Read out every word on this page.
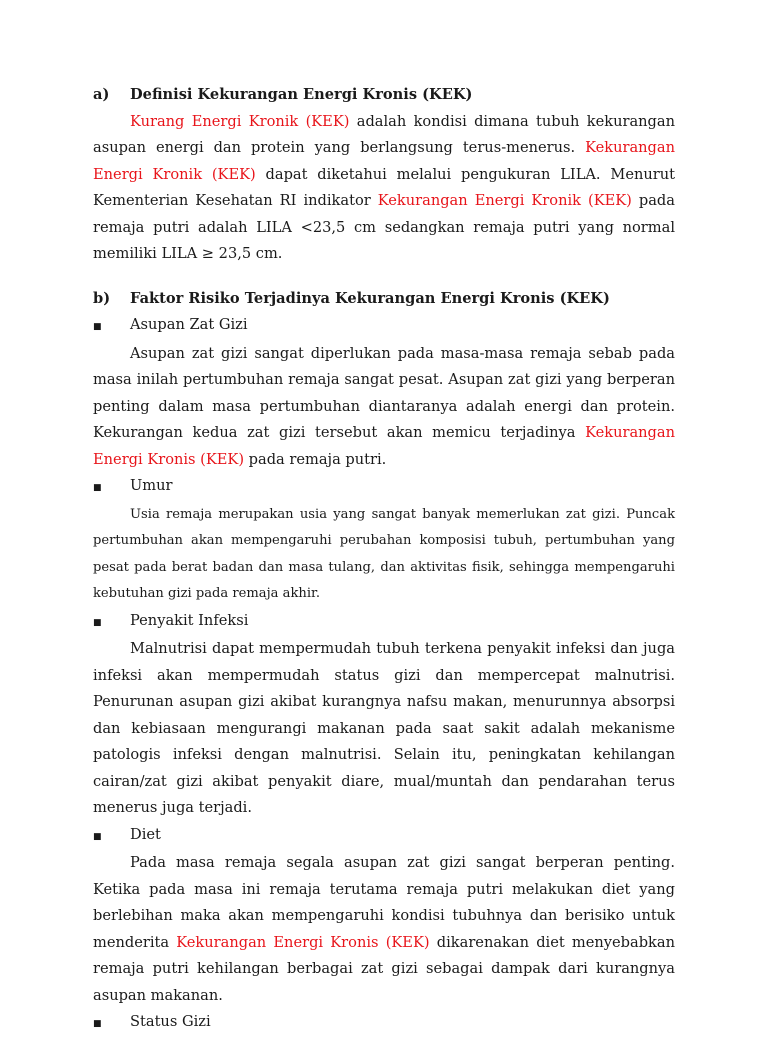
a)	Definisi Kekurangan Energi Kronis (KEK)

Kurang Energi Kronik (KEK) adalah kondisi dimana tubuh kekurangan asupan energi dan protein yang berlangsung terus-menerus. Kekurangan Energi Kronik (KEK) dapat diketahui melalui pengukuran LILA. Menurut Kementerian Kesehatan RI indikator Kekurangan Energi Kronik (KEK) pada remaja putri adalah LILA <23,5 cm sedangkan remaja putri yang normal memiliki LILA ≥ 23,5 cm.

b)	Faktor Risiko Terjadinya Kekurangan Energi Kronis (KEK)
■	Asupan Zat Gizi

Asupan zat gizi sangat diperlukan pada masa-masa remaja sebab pada masa inilah pertumbuhan remaja sangat pesat. Asupan zat gizi yang berperan penting dalam masa pertumbuhan diantaranya adalah energi dan protein. Kekurangan kedua zat gizi tersebut akan memicu terjadinya Kekurangan Energi Kronis (KEK) pada remaja putri.

■	Umur

Usia remaja merupakan usia yang sangat banyak memerlukan zat gizi. Puncak pertumbuhan akan mempengaruhi perubahan komposisi tubuh, pertumbuhan yang pesat pada berat badan dan masa tulang, dan aktivitas fisik, sehingga mempengaruhi kebutuhan gizi pada remaja akhir.

■	Penyakit Infeksi

Malnutrisi dapat mempermudah tubuh terkena penyakit infeksi dan juga infeksi akan mempermudah status gizi dan mempercepat malnutrisi. Penurunan asupan gizi akibat kurangnya nafsu makan, menurunnya absorpsi dan kebiasaan mengurangi makanan pada saat sakit adalah mekanisme patologis infeksi dengan malnutrisi. Selain itu, peningkatan kehilangan cairan/zat gizi akibat penyakit diare, mual/muntah dan pendarahan terus menerus juga terjadi.

■	Diet

Pada masa remaja segala asupan zat gizi sangat berperan penting. Ketika pada masa ini remaja terutama remaja putri melakukan diet yang berlebihan maka akan mempengaruhi kondisi tubuhnya dan berisiko untuk menderita Kekurangan Energi Kronis (KEK) dikarenakan diet menyebabkan remaja putri kehilangan berbagai zat gizi sebagai dampak dari kurangnya asupan makanan.

■	Status Gizi
